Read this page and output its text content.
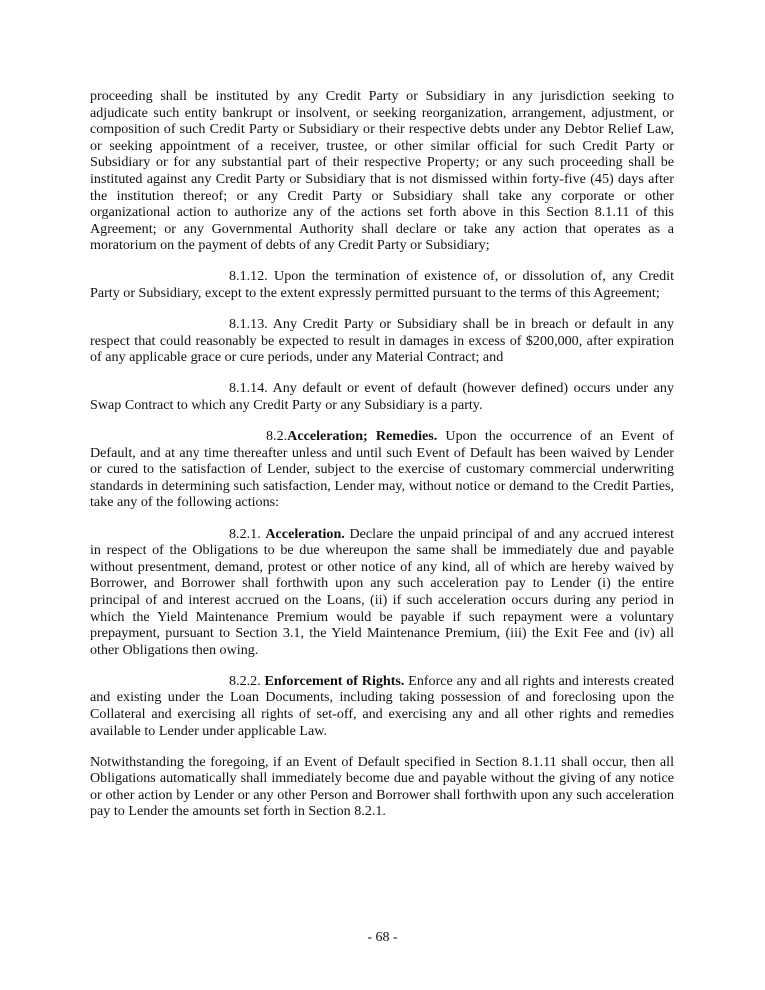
proceeding shall be instituted by any Credit Party or Subsidiary in any jurisdiction seeking to adjudicate such entity bankrupt or insolvent, or seeking reorganization, arrangement, adjustment, or composition of such Credit Party or Subsidiary or their respective debts under any Debtor Relief Law, or seeking appointment of a receiver, trustee, or other similar official for such Credit Party or Subsidiary or for any substantial part of their respective Property; or any such proceeding shall be instituted against any Credit Party or Subsidiary that is not dismissed within forty-five (45) days after the institution thereof; or any Credit Party or Subsidiary shall take any corporate or other organizational action to authorize any of the actions set forth above in this Section 8.1.11 of this Agreement; or any Governmental Authority shall declare or take any action that operates as a moratorium on the payment of debts of any Credit Party or Subsidiary;

8.1.12. Upon the termination of existence of, or dissolution of, any Credit Party or Subsidiary, except to the extent expressly permitted pursuant to the terms of this Agreement;

8.1.13. Any Credit Party or Subsidiary shall be in breach or default in any respect that could reasonably be expected to result in damages in excess of $200,000, after expiration of any applicable grace or cure periods, under any Material Contract; and

8.1.14. Any default or event of default (however defined) occurs under any Swap Contract to which any Credit Party or any Subsidiary is a party.

8.2.Acceleration; Remedies. Upon the occurrence of an Event of Default, and at any time thereafter unless and until such Event of Default has been waived by Lender or cured to the satisfaction of Lender, subject to the exercise of customary commercial underwriting standards in determining such satisfaction, Lender may, without notice or demand to the Credit Parties, take any of the following actions:

8.2.1. Acceleration. Declare the unpaid principal of and any accrued interest in respect of the Obligations to be due whereupon the same shall be immediately due and payable without presentment, demand, protest or other notice of any kind, all of which are hereby waived by Borrower, and Borrower shall forthwith upon any such acceleration pay to Lender (i) the entire principal of and interest accrued on the Loans, (ii) if such acceleration occurs during any period in which the Yield Maintenance Premium would be payable if such repayment were a voluntary prepayment, pursuant to Section 3.1, the Yield Maintenance Premium, (iii) the Exit Fee and (iv) all other Obligations then owing.

8.2.2. Enforcement of Rights. Enforce any and all rights and interests created and existing under the Loan Documents, including taking possession of and foreclosing upon the Collateral and exercising all rights of set-off, and exercising any and all other rights and remedies available to Lender under applicable Law.

Notwithstanding the foregoing, if an Event of Default specified in Section 8.1.11 shall occur, then all Obligations automatically shall immediately become due and payable without the giving of any notice or other action by Lender or any other Person and Borrower shall forthwith upon any such acceleration pay to Lender the amounts set forth in Section 8.2.1.

- 68 -
